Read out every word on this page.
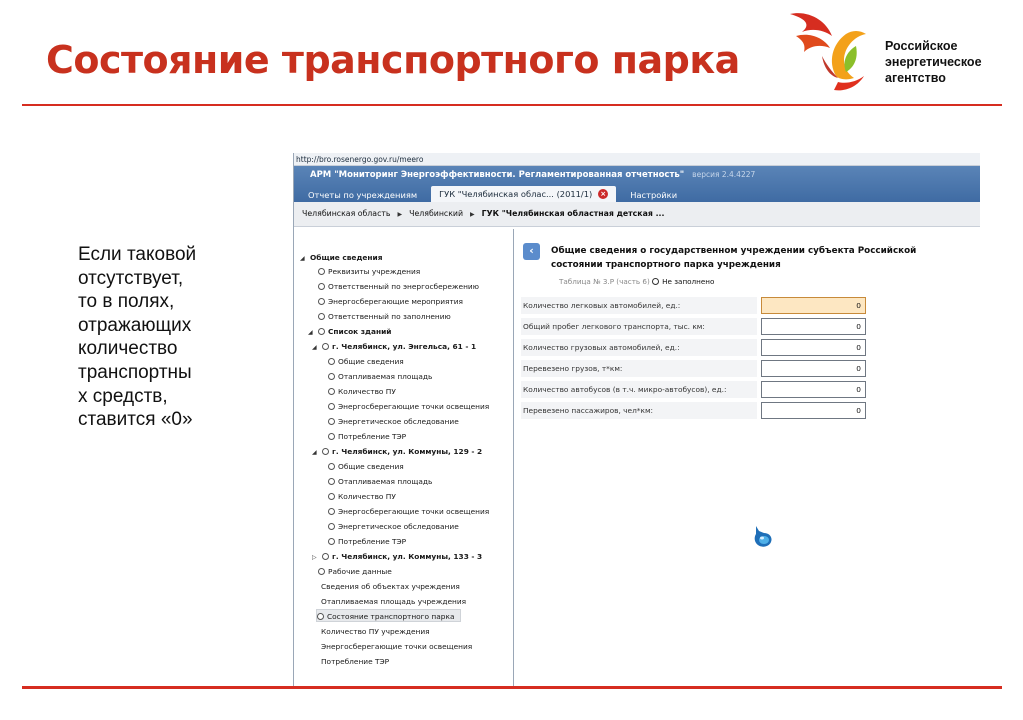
Состояние транспортного парка	Российское
энергетическое
агентство
Если таковой
отсутствует,
то в полях,
отражающих
количество
транспортны
х средств,
ставится «0»
http://bro.rosenergo.gov.ru/meero
АРМ "Мониторинг Энергоэффективности. Регламентированная отчетность" версия 2.4.4227
Отчеты по учреждениям	ГУК "Челябинская облас... (2011/1) ×	Настройки
Челябинская область ▶ Челябинский ▶ ГУК "Челябинская областная детская ...
◢ Общие сведения
Реквизиты учреждения
Ответственный по энергосбережению
Энергосберегающие мероприятия
Ответственный по заполнению
◢ Список зданий
◢ г. Челябинск, ул. Энгельса, 61 - 1
Общие сведения
Отапливаемая площадь
Количество ПУ
Энергосберегающие точки освещения
Энергетическое обследование
Потребление ТЭР
◢ г. Челябинск, ул. Коммуны, 129 - 2
Общие сведения
Отапливаемая площадь
Количество ПУ
Энергосберегающие точки освещения
Энергетическое обследование
Потребление ТЭР
▷ г. Челябинск, ул. Коммуны, 133 - 3
Рабочие данные
Сведения об объектах учреждения
Отапливаемая площадь учреждения
Состояние транспортного парка
Количество ПУ учреждения
Энергосберегающие точки освещения
Потребление ТЭР
‹	Общие сведения о государственном учреждении субъекта Российской
состоянии транспортного парка учреждения
Таблица № 3.Р (часть 6) Не заполнено
Количество легковых автомобилей, ед.:	0
Общий пробег легкового транспорта, тыс. км:	0
Количество грузовых автомобилей, ед.:	0
Перевезено грузов, т*км:	0
Количество автобусов (в т.ч. микро-автобусов), ед.:	0
Перевезено пассажиров, чел*км:	0
